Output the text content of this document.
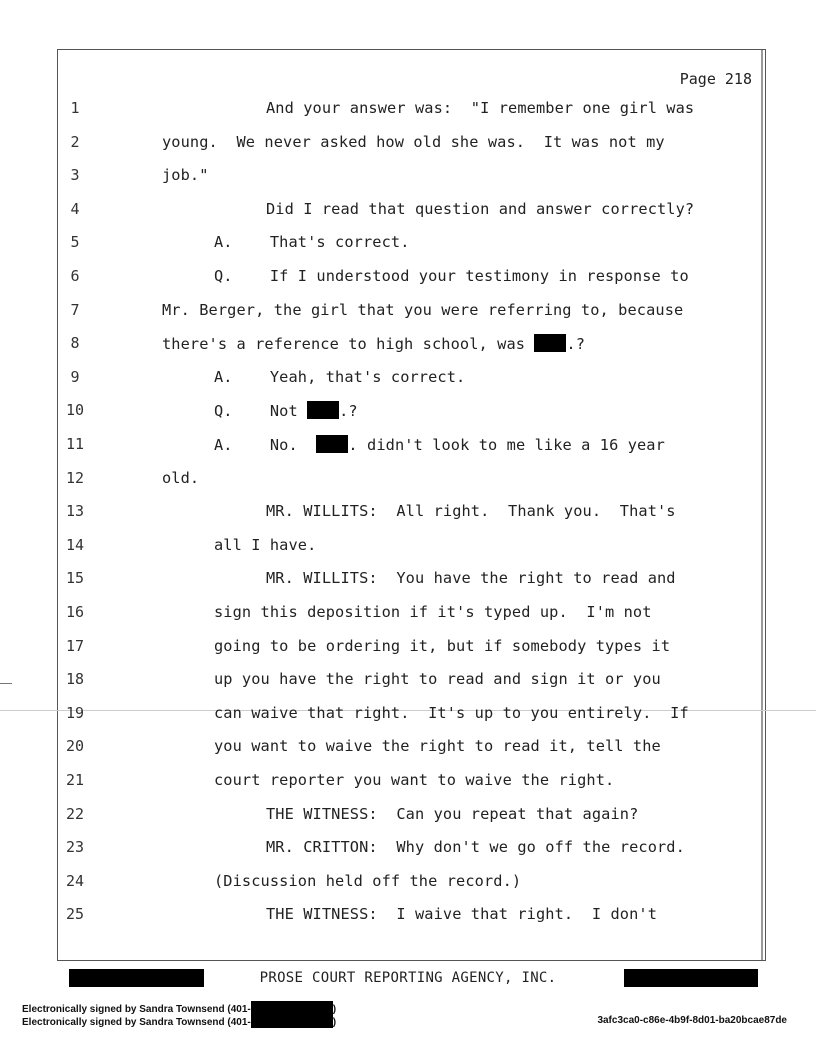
Page 218
1	And your answer was:  "I remember one girl was
2	young.  We never asked how old she was.  It was not my
3	job."
4	Did I read that question and answer correctly?
5	A.    That's correct.
6	Q.    If I understood your testimony in response to
7	Mr. Berger, the girl that you were referring to, because
8	there's a reference to high school, was .?
9	A.    Yeah, that's correct.
10	Q.    Not .?
11	A.    No.  . didn't look to me like a 16 year
12	old.
13	MR. WILLITS:  All right.  Thank you.  That's
14	all I have.
15	MR. WILLITS:  You have the right to read and
16	sign this deposition if it's typed up.  I'm not
17	going to be ordering it, but if somebody types it
18	up you have the right to read and sign it or you
19	can waive that right.  It's up to you entirely.  If
20	you want to waive the right to read it, tell the
21	court reporter you want to waive the right.
22	THE WITNESS:  Can you repeat that again?
23	MR. CRITTON:  Why don't we go off the record.
24	(Discussion held off the record.)
25	THE WITNESS:  I waive that right.  I don't
PROSE COURT REPORTING AGENCY, INC.
Electronically signed by Sandra Townsend (401-	)
Electronically signed by Sandra Townsend (401-	)	3afc3ca0-c86e-4b9f-8d01-ba20bcae87de
